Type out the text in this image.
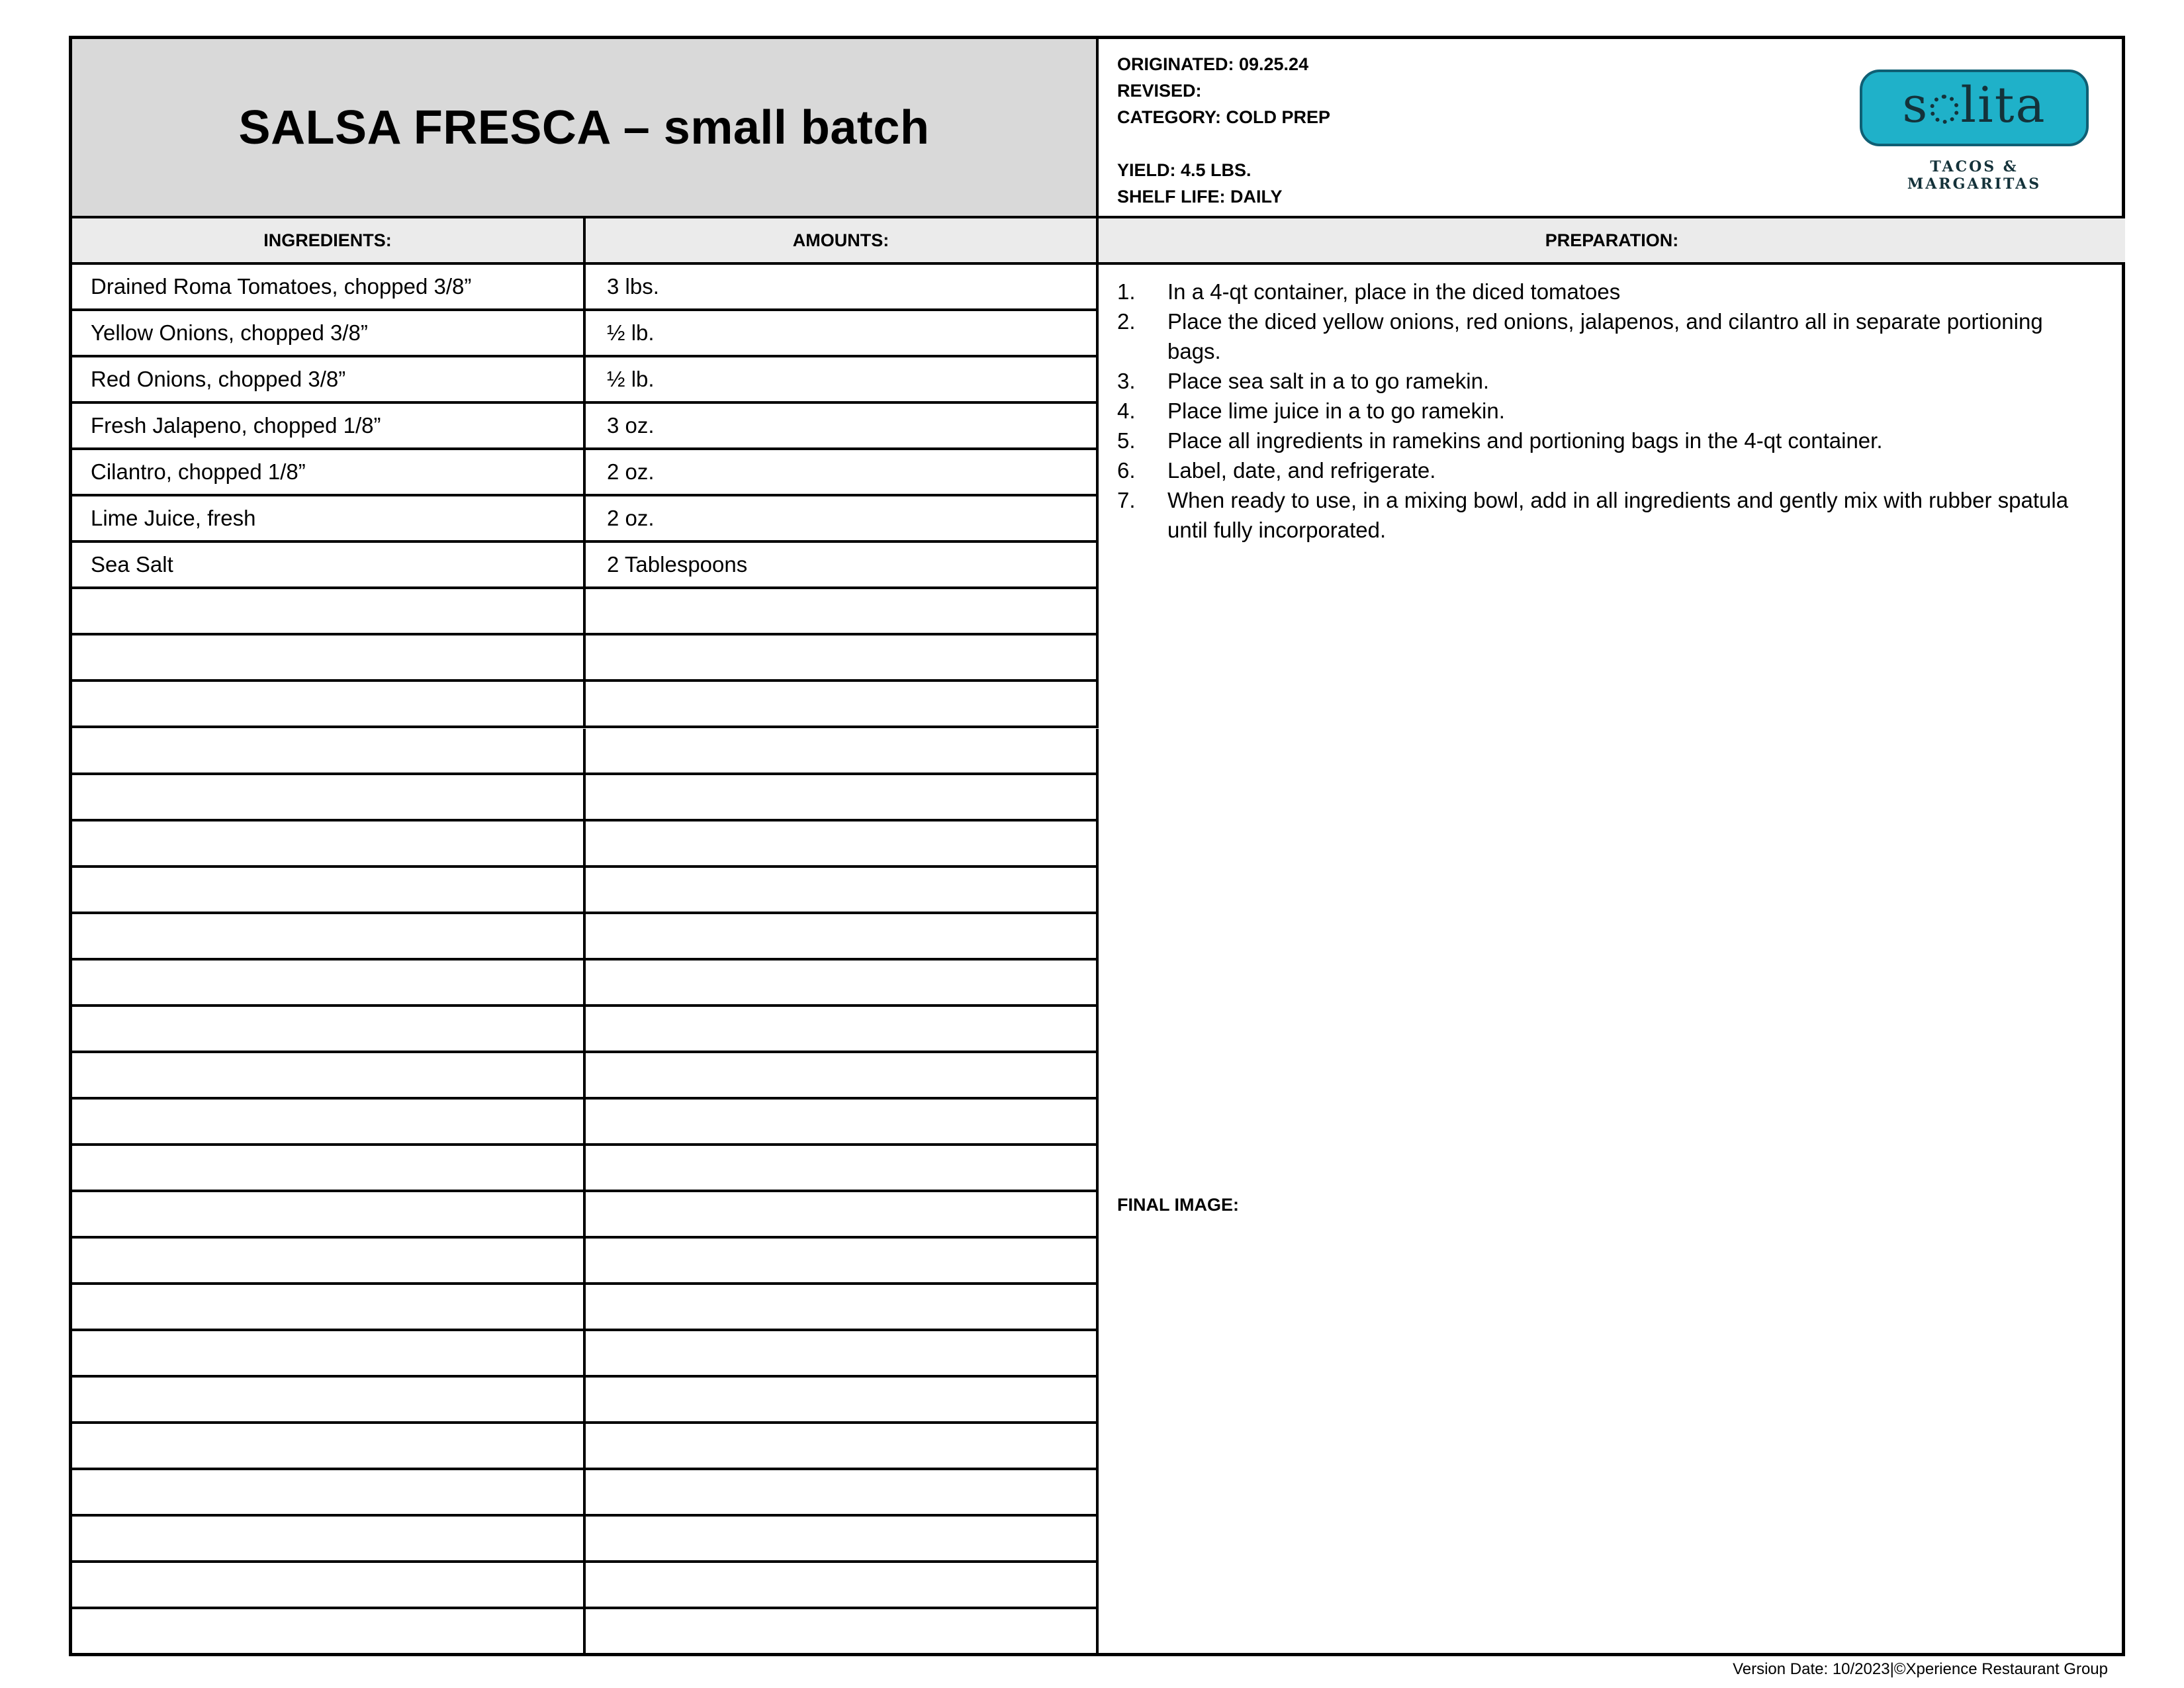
SALSA FRESCA – small batch
ORIGINATED: 09.25.24
REVISED:
CATEGORY: COLD PREP
YIELD: 4.5 LBS.
SHELF LIFE: DAILY
s lita
TACOS & MARGARITAS
INGREDIENTS:	AMOUNTS:	PREPARATION:
Drained Roma Tomatoes, chopped 3/8”	3 lbs.
Yellow Onions, chopped 3/8”	½ lb.
Red Onions, chopped 3/8”	½ lb.
Fresh Jalapeno, chopped 1/8”	3 oz.
Cilantro, chopped 1/8”	2 oz.
Lime Juice, fresh	2 oz.
Sea Salt	2 Tablespoons
1. In a 4-qt container, place in the diced tomatoes
2. Place the diced yellow onions, red onions, jalapenos, and cilantro all in separate portioning bags.
3. Place sea salt in a to go ramekin.
4. Place lime juice in a to go ramekin.
5. Place all ingredients in ramekins and portioning bags in the 4-qt container.
6. Label, date, and refrigerate.
7. When ready to use, in a mixing bowl, add in all ingredients and gently mix with rubber spatula until fully incorporated.
FINAL IMAGE:
Version Date: 10/2023|©Xperience Restaurant Group
